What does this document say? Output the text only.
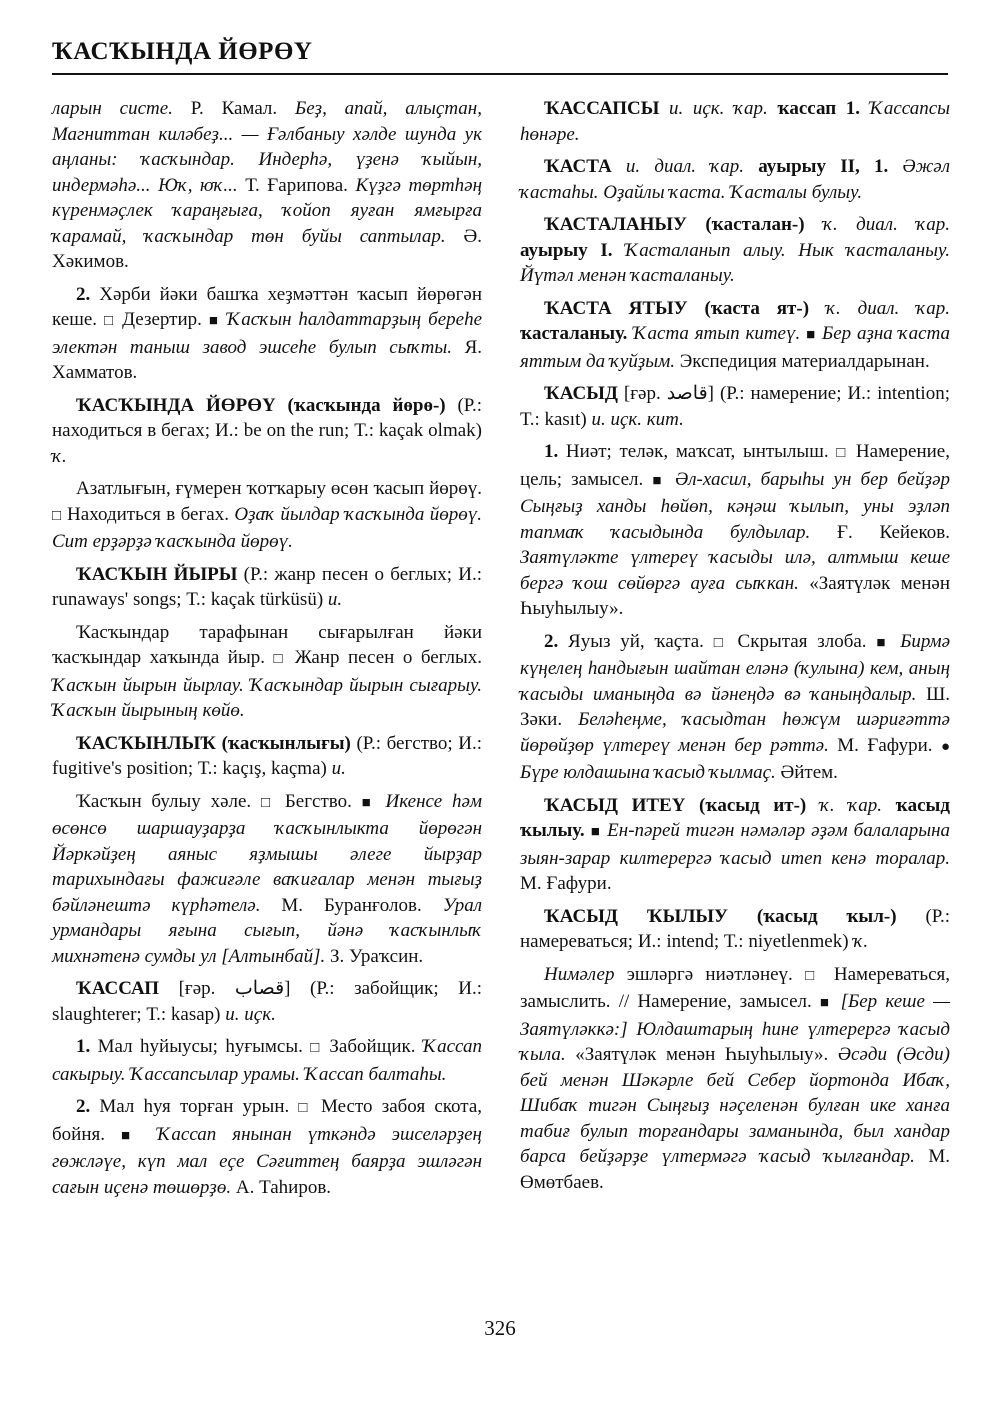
ҠАСҠЫНДА ЙӨРӨҮ

ларын систе. Р. Камал. Беҙ, апай, алыҫтан, Магниттан киләбеҙ... — Ғәлбаныу хәлде шунда ук аңланы: ҡасҡындар. Индерһә, үҙенә ҡыйын, индермәһә... Юҡ, юҡ... Т. Ғарипова. Күҙгә төртһәң күренмәҫлек ҡараңғыға, ҡойоп яуған ямғырға ҡарамай, ҡасҡындар төн буйы саптылар. Ә. Хәкимов.

2. Хәрби йәки башҡа хеҙмәттән ҡасып йөрөгән кеше. □ Дезертир. ■ Ҡасҡын һалдаттарҙың береһе электән таныш завод эшсеһе булып сыҡты. Я. Хамматов.

ҠАСҠЫНДА ЙӨРӨҮ (ҡасҡында йөрө-) (Р.: находиться в бегах; И.: be on the run; Т.: kaçak olmak) ҡ.

Азатлығын, ғүмерен ҡотҡарыу өсөн ҡасып йөрөү. □ Находиться в бегах. Оҙаҡ йылдар ҡасҡында йөрөү. Сит ерҙәрҙә ҡасҡында йөрөү.

ҠАСҠЫН ЙЫРЫ (Р.: жанр песен о беглых; И.: runaways' songs; Т.: kaçak türküsü) и.

Ҡасҡындар тарафынан сығарылған йәки ҡасҡындар хаҡында йыр. □ Жанр песен о беглых. Ҡасҡын йырын йырлау. Ҡасҡындар йырын сығарыу. Ҡасҡын йырының көйө.

ҠАСҠЫНЛЫҠ (ҡасҡынлығы) (Р.: бегство; И.: fugitive's position; Т.: kaçış, kaçma) и.

Ҡасҡын булыу хәле. □ Бегство. ■ Икенсе һәм өсөнсө шаршауҙарҙа ҡасҡынлыкта йөрөгән Йәркәйҙең аяныс яҙмышы әлеге йырҙар тарихындағы фажиғәле ваҡиғалар менән тығыҙ бәйләнештә күрһәтелә. М. Буранғолов. Урал урмандары яғына сығып, йәнә ҡасҡынлыҡ михнәтенә сумды ул [Алтынбай]. З. Ураҡсин.

ҠАССАП [ғәр. قصاب] (Р.: забойщик; И.: slaughterer; Т.: kasap) и. иҫк.

1. Мал һуйыусы; һуғымсы. □ Забойщик. Ҡассап сакырыу. Ҡассапсылар урамы. Ҡассап балтаһы.

2. Мал һуя торған урын. □ Место забоя скота, бойня. ■ Ҡассап янынан үткәндә эшселәрҙең гөжләүе, күп мал еҫе Сәғиттең баярҙа эшләгән сағын иҫенә төшөрҙө. А. Таһиров.

ҠАССАПСЫ и. иҫк. ҡар. ҡассап 1. Ҡассапсы һөнәре.

ҠАСТА и. диал. ҡар. ауырыу II, 1. Әжәл ҡастаһы. Оҙайлы ҡаста. Ҡасталы булыу.

ҠАСТАЛАНЫУ (ҡасталан-) ҡ. диал. ҡар. ауырыу I. Ҡасталанып алыу. Нык ҡасталаныу. Йүтәл менән ҡасталаныу.

ҠАСТА ЯТЫУ (ҡаста ят-) ҡ. диал. ҡар. ҡасталаныу. Ҡаста ятып китеү. ■ Бер аҙна ҡаста яттым да ҡуйҙым. Экспедиция материалдарынан.

ҠАСЫД [ғәр. قاصد] (Р.: намерение; И.: intention; Т.: kasıt) и. иҫк. кит.

1. Ниәт; теләк, маҡсат, ынтылыш. □ Намерение, цель; замысел. ■ Әл-хасил, барыһы ун бер бейҙәр Сыңғыҙ ханды һөйөп, кәңәш ҡылып, уны эҙләп тапмаҡ ҡасыдында булдылар. Ғ. Кейеков. Заятүләкте үлтереү ҡасыды илә, алтмыш кеше бергә ҡош сөйөргә ауға сыҡкан. «Заятүләк менән Һыуһылыу».

2. Яуыз уй, ҡаҫта. □ Скрытая злоба. ■ Бирмә күңелең һандығын шайтан еләнә (ҡулына) кем, аның ҡасыды иманыңда вә йәнеңдә вә ҡаныңдалыр. Ш. Зәки. Беләһеңме, ҡасыдтан һөжүм шәриғәттә йөрөйҙөр үлтереү менән бер рәттә. М. Ғафури. ● Бүре юлдашына ҡасыд ҡылмаҫ. Әйтем.

ҠАСЫД ИТЕҮ (ҡасыд ит-) ҡ. ҡар. ҡасыд ҡылыу. ■ Ен-пәрей тигән нәмәләр әҙәм балаларына зыян-зарар килтерергә ҡасыд итеп кенә торалар. М. Ғафури.

ҠАСЫД ҠЫЛЫУ (ҡасыд ҡыл-) (Р.: намереваться; И.: intend; Т.: niyetlenmek) ҡ.

Нимәлер эшләргә ниәтләнеү. □ Намереваться, замыслить. // Намерение, замысел. ■ [Бер кеше — Заятүләккә:] Юлдаштарың һине үлтерергә ҡасыд ҡыла. «Заятүләк менән Һыуһылыу». Әсәди (Әсди) бей менән Шәкәрле бей Себер йортонда Ибаҡ, Шибаҡ тигән Сыңғыҙ нәҫеленән булған ике ханға табиғ булып торғандары заманында, был хандар барса бейҙәрҙе үлтермәгә ҡасыд ҡылғандар. М. Өмөтбаев.

326
